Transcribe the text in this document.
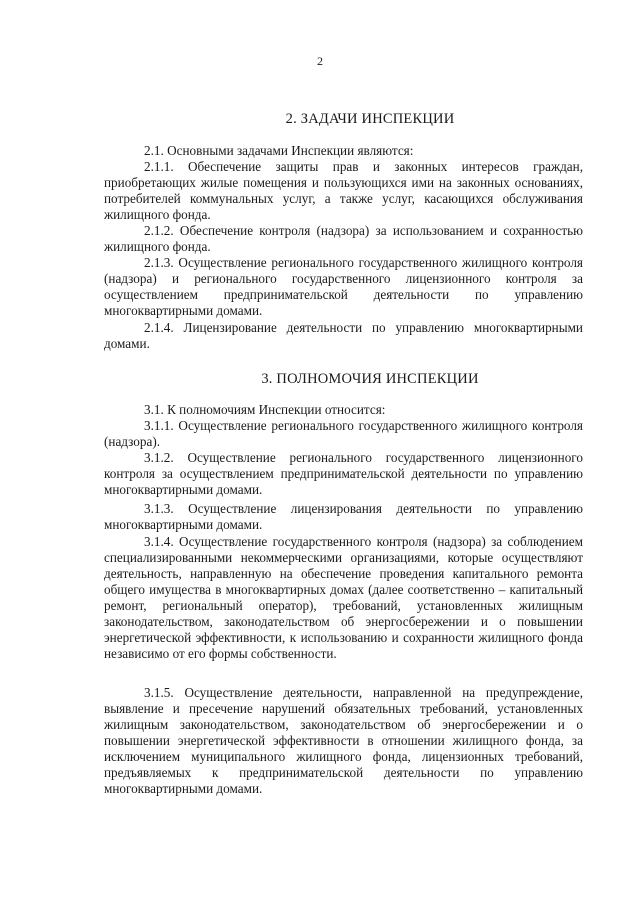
2
2. ЗАДАЧИ ИНСПЕКЦИИ
2.1. Основными задачами Инспекции являются:
2.1.1. Обеспечение защиты прав и законных интересов граждан, приобретающих жилые помещения и пользующихся ими на законных основаниях, потребителей коммунальных услуг, а также услуг, касающихся обслуживания жилищного фонда.
2.1.2. Обеспечение контроля (надзора) за использованием и сохранностью жилищного фонда.
2.1.3. Осуществление регионального государственного жилищного контроля (надзора) и регионального государственного лицензионного контроля за осуществлением предпринимательской деятельности по управлению многоквартирными домами.
2.1.4. Лицензирование деятельности по управлению многоквартирными домами.
3. ПОЛНОМОЧИЯ ИНСПЕКЦИИ
3.1. К полномочиям Инспекции относится:
3.1.1. Осуществление регионального государственного жилищного контроля (надзора).
3.1.2. Осуществление регионального государственного лицензионного контроля за осуществлением предпринимательской деятельности по управлению многоквартирными домами.
3.1.3. Осуществление лицензирования деятельности по управлению многоквартирными домами.
3.1.4. Осуществление государственного контроля (надзора) за соблюдением специализированными некоммерческими организациями, которые осуществляют деятельность, направленную на обеспечение проведения капитального ремонта общего имущества в многоквартирных домах (далее соответственно – капитальный ремонт, региональный оператор), требований, установленных жилищным законодательством, законодательством об энергосбережении и о повышении энергетической эффективности, к использованию и сохранности жилищного фонда независимо от его формы собственности.
3.1.5. Осуществление деятельности, направленной на предупреждение, выявление и пресечение нарушений обязательных требований, установленных жилищным законодательством, законодательством об энергосбережении и о повышении энергетической эффективности в отношении жилищного фонда, за исключением муниципального жилищного фонда, лицензионных требований, предъявляемых к предпринимательской деятельности по управлению многоквартирными домами.
